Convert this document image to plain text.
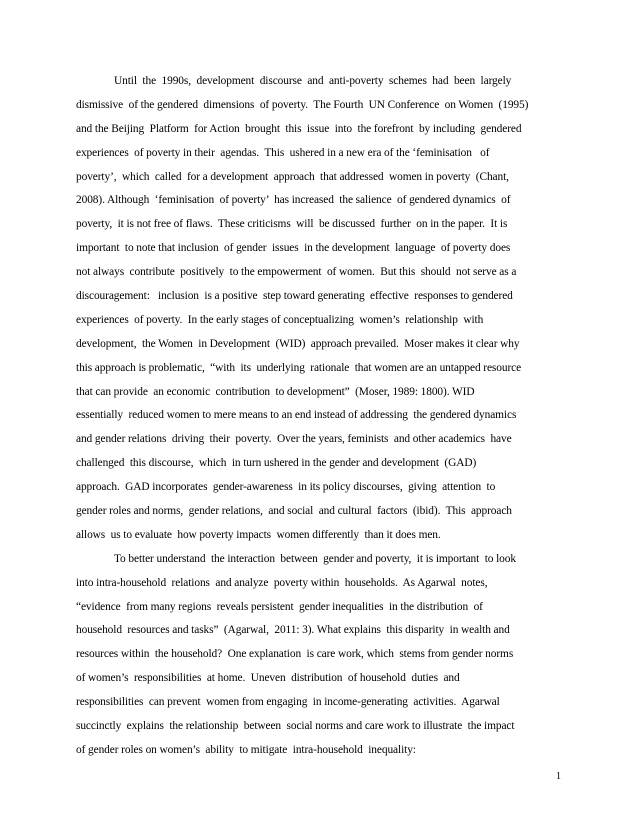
Until  the  1990s,  development  discourse  and  anti-poverty  schemes  had  been  largely
dismissive  of the gendered  dimensions  of poverty.  The Fourth  UN Conference  on Women  (1995)
and the Beijing  Platform  for Action  brought  this  issue  into  the forefront  by including  gendered
experiences  of poverty in their  agendas.  This  ushered in a new era of the ‘feminisation   of
poverty’,  which  called  for a development  approach  that addressed  women in poverty  (Chant,
2008). Although  ‘feminisation  of poverty’  has increased  the salience  of gendered dynamics  of
poverty,  it is not free of flaws.  These criticisms  will  be discussed  further  on in the paper.  It is
important  to note that inclusion  of gender  issues  in the development  language  of poverty does
not always  contribute  positively  to the empowerment  of women.  But this  should  not serve as a
discouragement:   inclusion  is a positive  step toward generating  effective  responses to gendered
experiences  of poverty.  In the early stages of conceptualizing  women’s  relationship  with
development,  the Women  in Development  (WID)  approach prevailed.  Moser makes it clear why
this approach is problematic,  “with  its  underlying  rationale  that women are an untapped resource
that can provide  an economic  contribution  to development”  (Moser, 1989: 1800). WID
essentially  reduced women to mere means to an end instead of addressing  the gendered dynamics
and gender relations  driving  their  poverty.  Over the years, feminists  and other academics  have
challenged  this discourse,  which  in turn ushered in the gender and development  (GAD)
approach.  GAD incorporates  gender-awareness  in its policy discourses,  giving  attention  to
gender roles and norms,  gender relations,  and social  and cultural  factors  (ibid).  This  approach
allows  us to evaluate  how poverty impacts  women differently  than it does men.
To better understand  the interaction  between  gender and poverty,  it is important  to look
into intra-household  relations  and analyze  poverty within  households.  As Agarwal  notes,
“evidence  from many regions  reveals persistent  gender inequalities  in the distribution  of
household  resources and tasks”  (Agarwal,  2011: 3). What explains  this disparity  in wealth and
resources within  the household?  One explanation  is care work, which  stems from gender norms
of women’s  responsibilities  at home.  Uneven  distribution  of household  duties  and
responsibilities  can prevent  women from engaging  in income-generating  activities.  Agarwal
succinctly  explains  the relationship  between  social norms and care work to illustrate  the impact
of gender roles on women’s  ability  to mitigate  intra-household  inequality:
1
